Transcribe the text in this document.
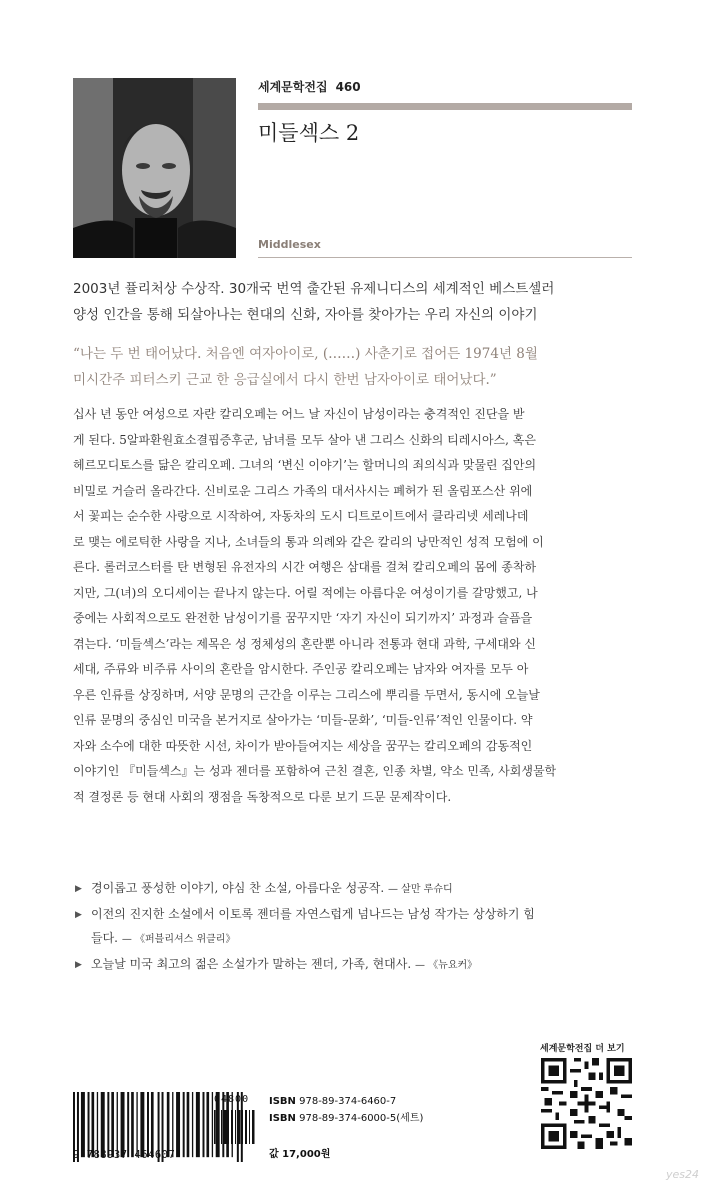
세계문학전집 460
미들섹스 2
Middlesex
2003년 퓰리처상 수상작. 30개국 번역 출간된 유제니디스의 세계적인 베스트셀러
양성 인간을 통해 되살아나는 현대의 신화, 자아를 찾아가는 우리 자신의 이야기
“나는 두 번 태어났다. 처음엔 여자아이로, (……) 사춘기로 접어든 1974년 8월
미시간주 피터스키 근교 한 응급실에서 다시 한번 남자아이로 태어났다.”
십사 년 동안 여성으로 자란 칼리오페는 어느 날 자신이 남성이라는 충격적인 진단을 받
게 된다. 5알파환원효소결핍증후군, 남녀를 모두 살아 낸 그리스 신화의 티레시아스, 혹은
헤르모디토스를 닮은 칼리오페. 그녀의 ‘변신 이야기’는 할머니의 죄의식과 맞물린 집안의
비밀로 거슬러 올라간다. 신비로운 그리스 가족의 대서사시는 폐허가 된 올림포스산 위에
서 꽃피는 순수한 사랑으로 시작하여, 자동차의 도시 디트로이트에서 클라리넷 세레나데
로 맺는 에로틱한 사랑을 지나, 소녀들의 통과 의례와 같은 칼리의 낭만적인 성적 모험에 이
른다. 롤러코스터를 탄 변형된 유전자의 시간 여행은 삼대를 걸쳐 칼리오페의 몸에 종착하
지만, 그(녀)의 오디세이는 끝나지 않는다. 어릴 적에는 아름다운 여성이기를 갈망했고, 나
중에는 사회적으로도 완전한 남성이기를 꿈꾸지만 ‘자기 자신이 되기까지’ 과정과 슬픔을
겪는다. ‘미들섹스’라는 제목은 성 정체성의 혼란뿐 아니라 전통과 현대 과학, 구세대와 신
세대, 주류와 비주류 사이의 혼란을 암시한다. 주인공 칼리오페는 남자와 여자를 모두 아
우른 인류를 상징하며, 서양 문명의 근간을 이루는 그리스에 뿌리를 두면서, 동시에 오늘날
인류 문명의 중심인 미국을 본거지로 살아가는 ‘미들-문화’, ‘미들-인류’적인 인물이다. 약
자와 소수에 대한 따뜻한 시선, 차이가 받아들여지는 세상을 꿈꾸는 칼리오페의 감동적인
이야기인 『미들섹스』는 성과 젠더를 포함하여 근친 결혼, 인종 차별, 약소 민족, 사회생물학
적 결정론 등 현대 사회의 쟁점을 독창적으로 다룬 보기 드문 문제작이다.
▶ 경이롭고 풍성한 이야기, 야심 찬 소설, 아름다운 성공작. — 살만 루슈디
▶ 이전의 진지한 소설에서 이토록 젠더를 자연스럽게 넘나드는 남성 작가는 상상하기 힘
들다. — 《퍼블리셔스 위클리》
▶ 오늘날 미국 최고의 젊은 소설가가 말하는 젠더, 가족, 현대사. — 《뉴요커》
세계문학전집 더 보기
04800
9 788937 464607
ISBN 978-89-374-6460-7
ISBN 978-89-374-6000-5(세트)
값 17,000원
yes24
